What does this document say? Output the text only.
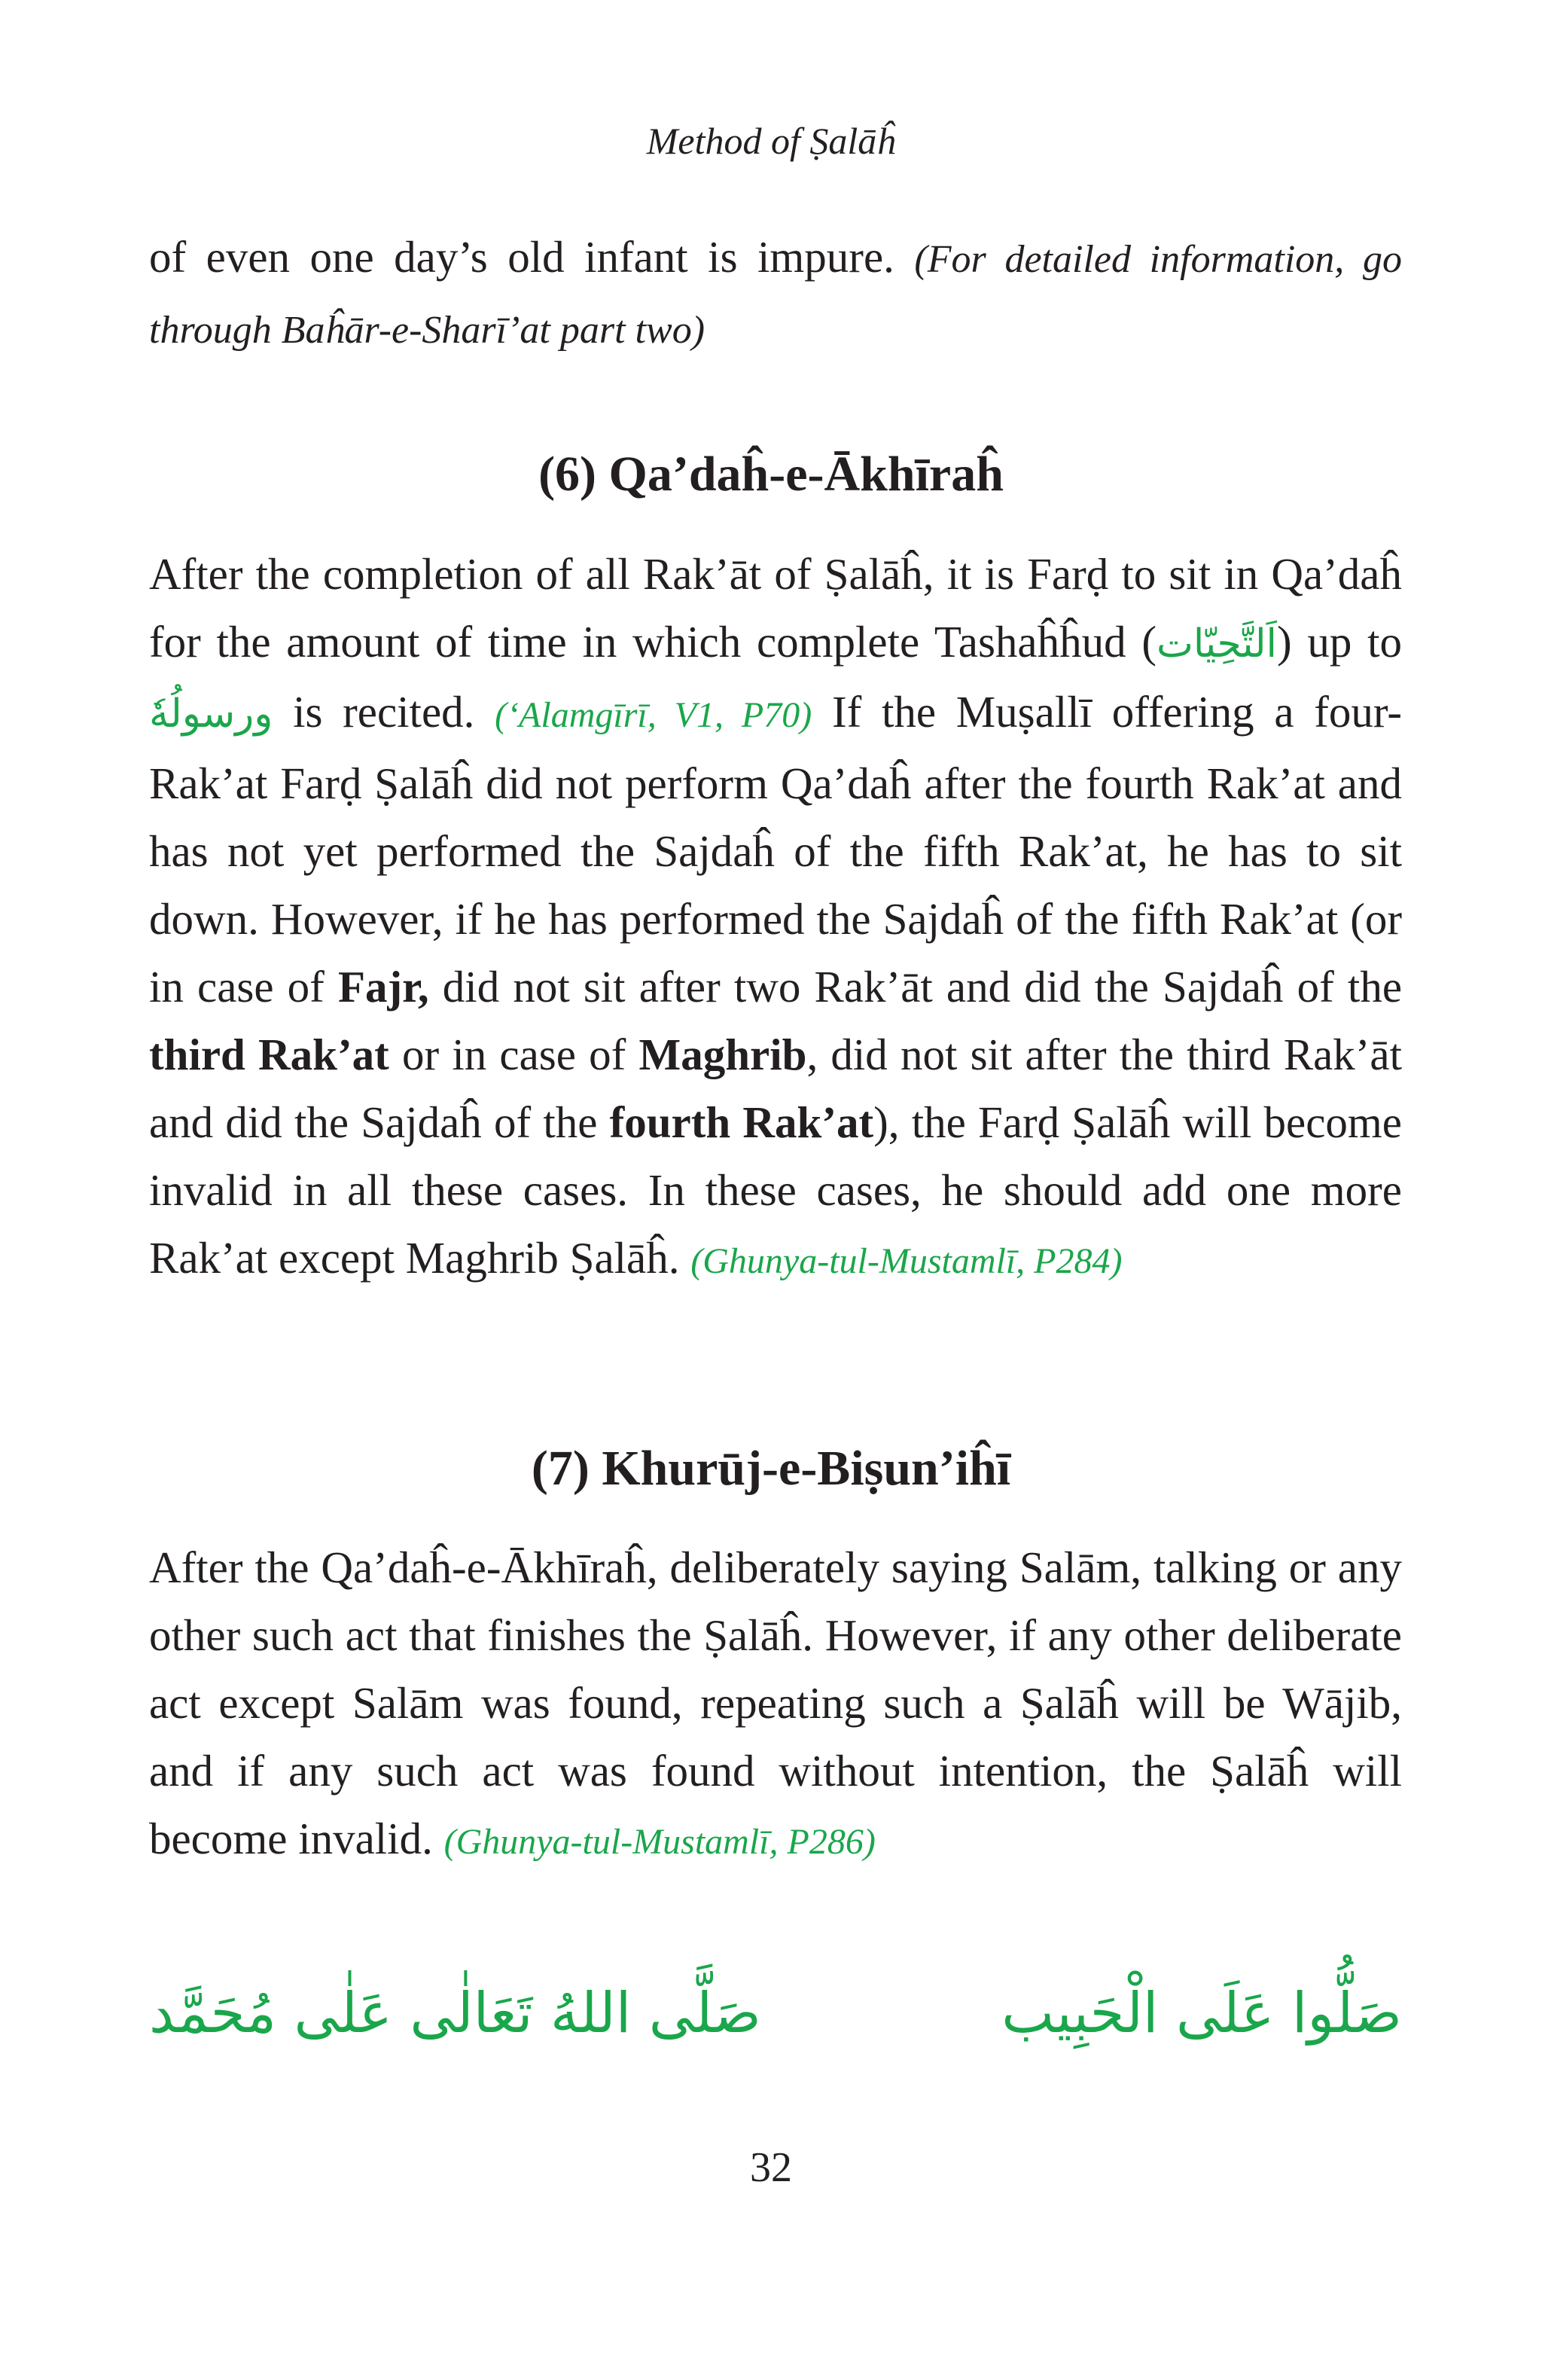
Method of Ṣalāĥ

of even one day’s old infant is impure. (For detailed information, go through Baĥār-e-Sharī’at part two)

(6) Qa’daĥ-e-Ākhīraĥ

After the completion of all Rak’āt of Ṣalāĥ, it is Farḍ to sit in Qa’daĥ for the amount of time in which complete Tashaĥĥud (اَلتَّحِيّات) up to ورسولُهٗ is recited. (‘Alamgīrī, V1, P70) If the Muṣallī offering a four-Rak’at Farḍ Ṣalāĥ did not perform Qa’daĥ after the fourth Rak’at and has not yet performed the Sajdaĥ of the fifth Rak’at, he has to sit down. However, if he has performed the Sajdaĥ of the fifth Rak’at (or in case of Fajr, did not sit after two Rak’āt and did the Sajdaĥ of the third Rak’at or in case of Maghrib, did not sit after the third Rak’āt and did the Sajdaĥ of the fourth Rak’at), the Farḍ Ṣalāĥ will become invalid in all these cases. In these cases, he should add one more Rak’at except Maghrib Ṣalāĥ. (Ghunya-tul-Mustamlī, P284)

(7) Khurūj-e-Biṣun’iĥī

After the Qa’daĥ-e-Ākhīraĥ, deliberately saying Salām, talking or any other such act that finishes the Ṣalāĥ. However, if any other deliberate act except Salām was found, repeating such a Ṣalāĥ will be Wājib, and if any such act was found without intention, the Ṣalāĥ will become invalid. (Ghunya-tul-Mustamlī, P286)

صَلَّى اللهُ تَعَالٰی عَلٰی مُحَمَّد	صَلُّوا عَلَى الْحَبِيب
32
